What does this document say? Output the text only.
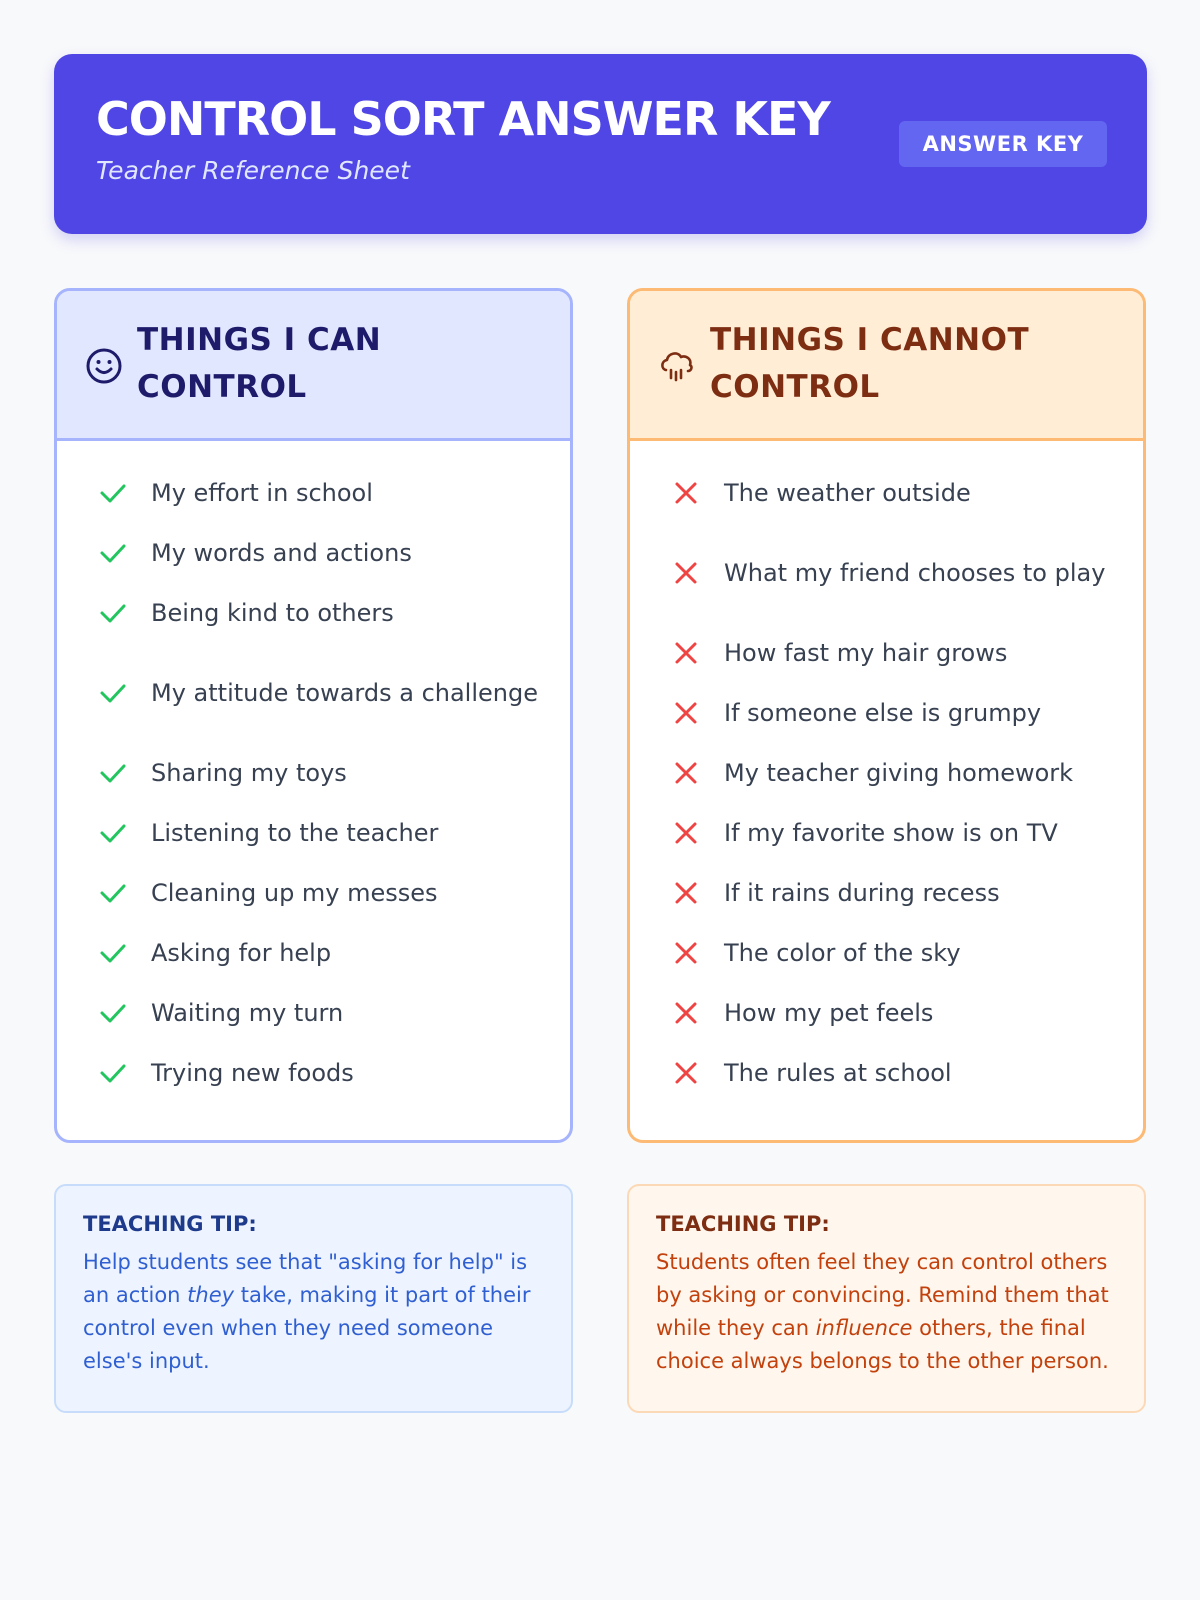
CONTROL SORT ANSWER KEY
Teacher Reference Sheet
ANSWER KEY
THINGS I CAN CONTROL
My effort in school
My words and actions
Being kind to others
My attitude towards a challenge
Sharing my toys
Listening to the teacher
Cleaning up my messes
Asking for help
Waiting my turn
Trying new foods
THINGS I CANNOT CONTROL
The weather outside
What my friend chooses to play
How fast my hair grows
If someone else is grumpy
My teacher giving homework
If my favorite show is on TV
If it rains during recess
The color of the sky
How my pet feels
The rules at school
TEACHING TIP:
Help students see that "asking for help" is an action they take, making it part of their control even when they need someone else's input.
TEACHING TIP:
Students often feel they can control others by asking or convincing. Remind them that while they can influence others, the final choice always belongs to the other person.
